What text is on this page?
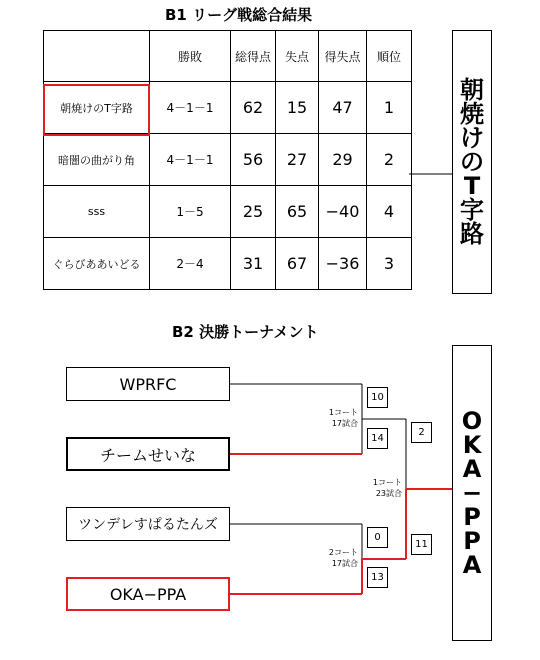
B1 リーグ戦総合結果
	勝敗	総得点	失点	得失点	順位
朝焼けのT字路	4－1－1	62	15	47	1
暗闇の曲がり角	4－1－1	56	27	29	2
sss	1－5	25	65	−40	4
ぐらびああいどる	2－4	31	67	−36	3
朝
焼
け
の
T
字
路
B2 決勝トーナメント
WPRFC
チームせいな
ツンデレすぱるたんズ
OKA−PPA
10
14
0
13
2
11
1コート
17試合
1コート
23試合
2コート
17試合
O
K
A
−
P
P
A
